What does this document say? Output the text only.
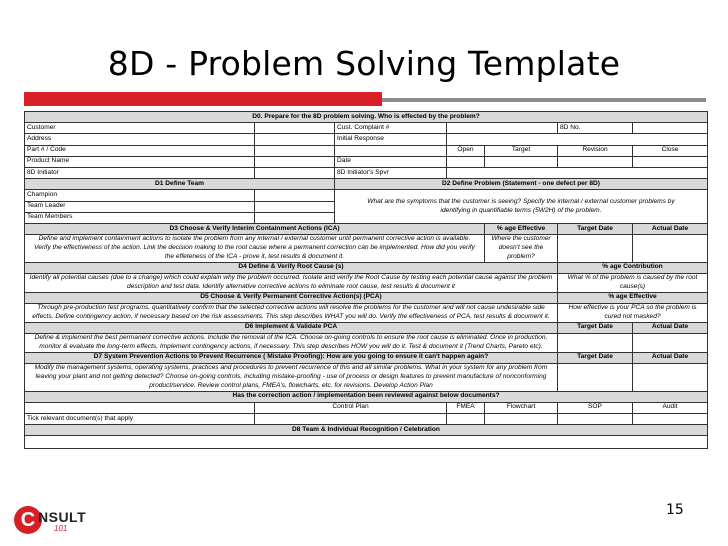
8D - Problem Solving Template
D0. Prepare for the 8D problem solving. Who is effected by the problem?						
Customer		Cust. Complaint #			8D No.	
Address		Initial Response				
Part # / Code			Open	Target	Revision	Close
Product Name		Date				
8D Initiator		8D Initiator's Spvr				
D1 Define Team		D2 Define Problem (Statement - one defect per 8D)				
Champion		What are the symptoms that the customer is seeing? Specify the internal / external customer problems by identifying in quantifiable terms (5W2H) of the problem.				
Team Leader						
Team Members						
D3 Choose & Verify Interim Containment Actions (ICA)				% age Effective	Target Date	Actual Date
Define and implement containment actions to isolate the problem from any internal / external customer until permanent corrective action is available. Verify the effectiveness of the action. Link the decision making to the root cause where a permanent correction can be implemented. How did you verify the effeteness of the ICA - prove it, test results & document it.				Where the customer doesn't see the problem?		

D4 Define & Verify Root Cause (s)					% age Contribution	
Identify all potential causes (due to a change) which could explain why the problem occurred. Isolate and verify the Root Cause by testing each potential cause against the problem description and test data. Identify alternative corrective actions to eliminate root cause, test results & document it					What % of the problem is caused by the root cause(s)	

D5 Choose & Verify Permanent Corrective Action(s) (PCA)					% age Effective	
Through pre-production test programs, quantitatively confirm that the selected corrective actions will resolve the problems for the customer and will not cause undesirable side effects. Define contingency action, if necessary based on the risk assessments. This step describes WHAT you will do. Verify the effectiveness of PCA, test results & document it.					How effective is your PCA so the problem is cured not masked?	

D6 Implement & Validate PCA					Target Date	Actual Date
Define & implement the best permanent corrective actions. Include the removal of the ICA. Choose on-going controls to ensure the root cause is eliminated. Once in production, monitor & evaluate the long-term effects, Implement contingency actions, if necessary. This step describes HOW you will do it. Test & document it (Trend Charts, Pareto etc).						

D7 System Prevention Actions to Prevent Recurrence ( Mistake Proofing): How are you going to ensure it can't happen again?					Target Date	Actual Date
Modify the management systems, operating systems, practices and procedures to prevent recurrence of this and all similar problems. What in your system for any problem from leaving your plant and not getting detected? Choose on-going controls, including mistake-proofing - use of process or design features to prevent manufacture of nonconforming product/service. Review control plans, FMEA's, flowcharts, etc. for revisions. Develop Action Plan						

Has the correction action / implementation been reviewed against below documents?						
	Control Plan		FMEA	Flowchart	SOP	Audit
Tick relevant document(s) that apply						
D8 Team & Individual Recognition / Celebration						

C NSULT
101
15
